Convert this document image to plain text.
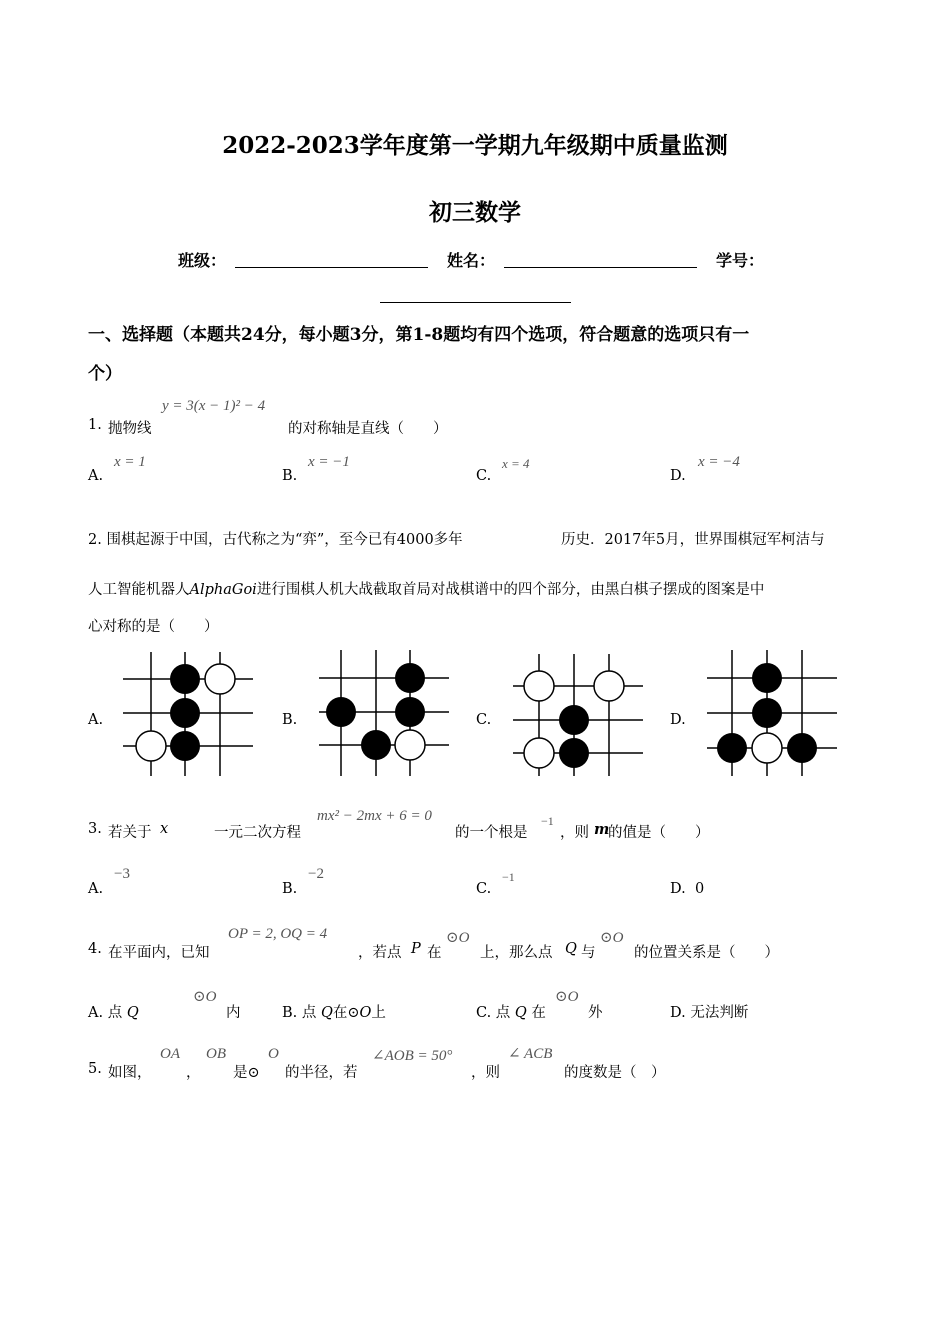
2022-2023学年度第一学期九年级期中质量监测
初三数学
班级：	姓名：	学号：
一、选择题（本题共24分，每小题3分，第1-8题均有四个选项，符合题意的选项只有一
个）
1. 抛物线
y = 3(x − 1)² − 4
的对称轴是直线（　　）
A.
x = 1
B.
x = −1
C.
x = 4
D.
x = −4
2. 围棋起源于中国，古代称之为“弈”，至今已有4000多年	历史．2017年5月，世界围棋冠军柯洁与
人工智能机器人AlphaGoi进行围棋人机大战截取首局对战棋谱中的四个部分，由黑白棋子摆成的图案是中
心对称的是（　　）
A.	B.	C.	D.
3. 若关于 x	一元二次方程
mx² − 2mx + 6 = 0
的一个根是
−1
，则 m
的值是（　　）
A.
−3
B.
−2
C.
−1
D. 0
4. 在平面内，已知
OP = 2, OQ = 4
，若点 P 在
⊙O
上，那么点 Q 与
⊙O
的位置关系是（　　）
A. 点 Q
⊙O
内	B. 点 Q在⊙O上	C. 点 Q 在
⊙O
外	D. 无法判断
5. 如图，
OA
，
OB
是⊙
O
的半径，若
∠AOB = 50°
，则
∠ ACB
的度数是（　）
